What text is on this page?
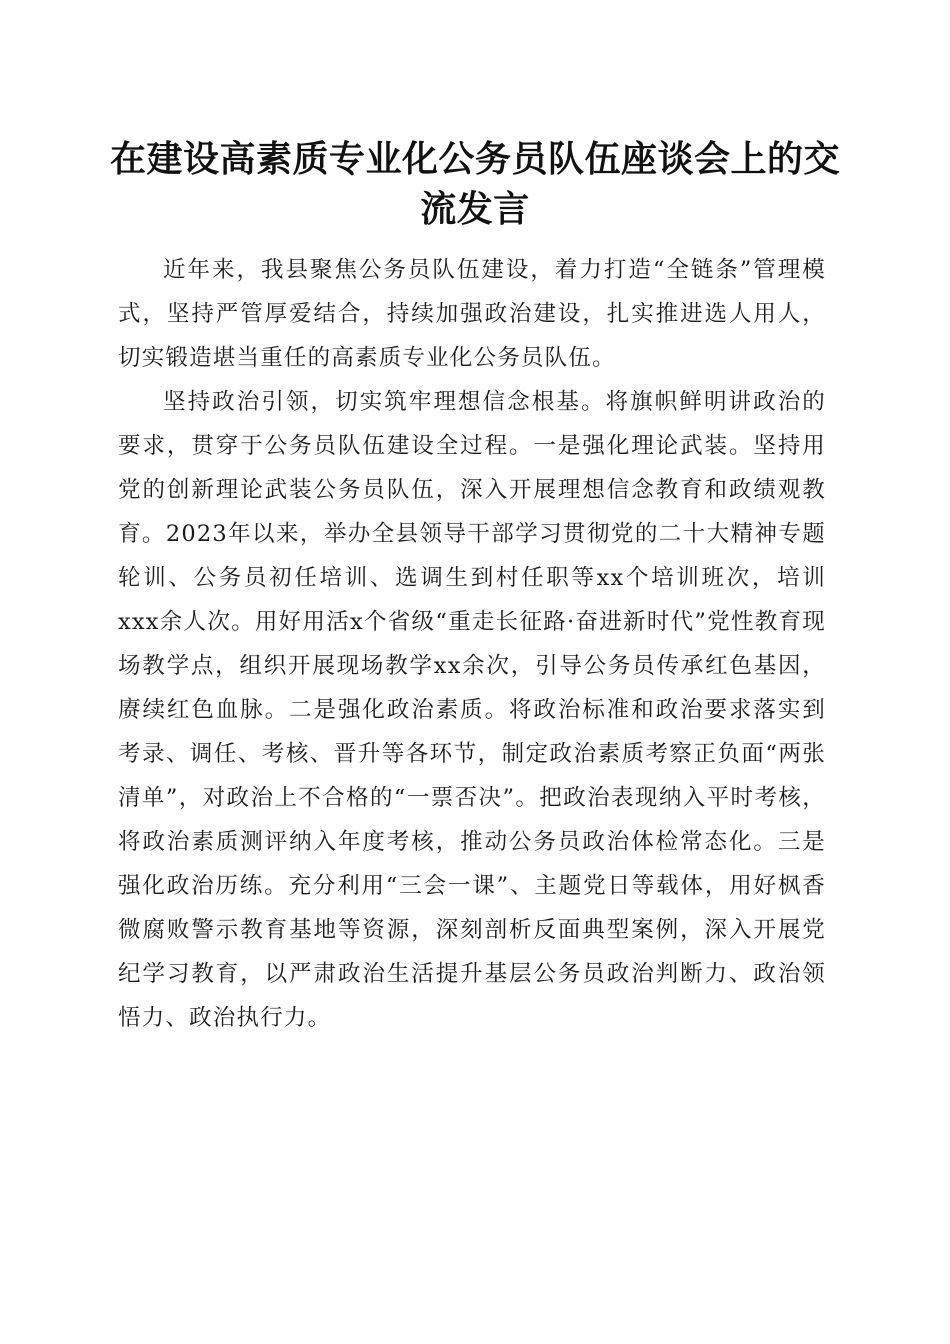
在建设高素质专业化公务员队伍座谈会上的交流发言

近年来，我县聚焦公务员队伍建设，着力打造“全链条”管理模式，坚持严管厚爱结合，持续加强政治建设，扎实推进选人用人，切实锻造堪当重任的高素质专业化公务员队伍。

坚持政治引领，切实筑牢理想信念根基。将旗帜鲜明讲政治的要求，贯穿于公务员队伍建设全过程。一是强化理论武装。坚持用党的创新理论武装公务员队伍，深入开展理想信念教育和政绩观教育。2023年以来，举办全县领导干部学习贯彻党的二十大精神专题轮训、公务员初任培训、选调生到村任职等xx个培训班次，培训xxx余人次。用好用活x个省级“重走长征路·奋进新时代”党性教育现场教学点，组织开展现场教学xx余次，引导公务员传承红色基因，赓续红色血脉。二是强化政治素质。将政治标准和政治要求落实到考录、调任、考核、晋升等各环节，制定政治素质考察正负面“两张清单”，对政治上不合格的“一票否决”。把政治表现纳入平时考核，将政治素质测评纳入年度考核，推动公务员政治体检常态化。三是强化政治历练。充分利用“三会一课”、主题党日等载体，用好枫香微腐败警示教育基地等资源，深刻剖析反面典型案例，深入开展党纪学习教育，以严肃政治生活提升基层公务员政治判断力、政治领悟力、政治执行力。
